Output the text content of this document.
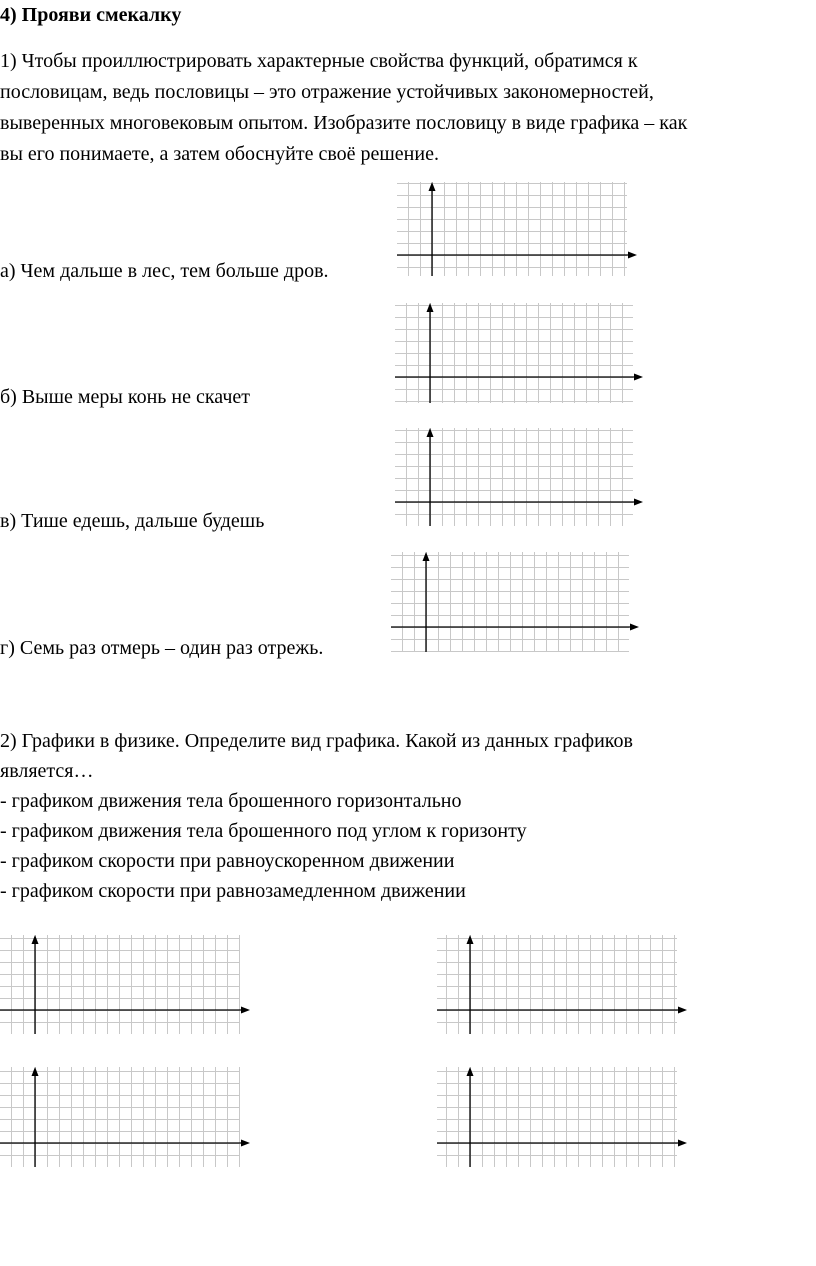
4) Прояви смекалку
1) Чтобы проиллюстрировать характерные свойства функций, обратимся к
пословицам, ведь пословицы – это отражение устойчивых закономерностей,
выверенных многовековым опытом. Изобразите пословицу в виде графика – как
вы его понимаете, а затем обоснуйте своё решение.
а) Чем дальше в лес, тем больше дров.
б) Выше меры конь не скачет
в) Тише едешь, дальше будешь
г) Семь раз отмерь – один раз отрежь.
2) Графики в физике. Определите вид графика. Какой из данных графиков
является…
- графиком движения тела брошенного горизонтально
- графиком движения тела брошенного под углом к горизонту
- графиком скорости при равноускоренном движении
- графиком скорости при равнозамедленном движении
